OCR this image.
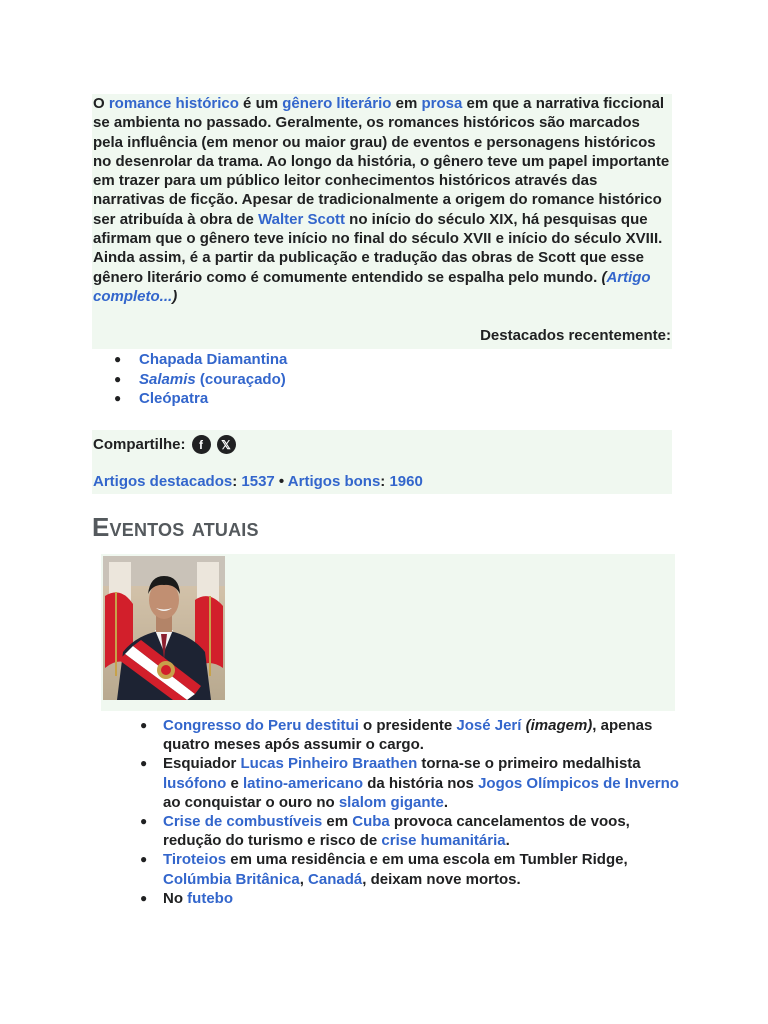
O romance histórico é um gênero literário em prosa em que a narrativa ficcional se ambienta no passado. Geralmente, os romances históricos são marcados pela influência (em menor ou maior grau) de eventos e personagens históricos no desenrolar da trama. Ao longo da história, o gênero teve um papel importante em trazer para um público leitor conhecimentos históricos através das narrativas de ficção. Apesar de tradicionalmente a origem do romance histórico ser atribuída à obra de Walter Scott no início do século XIX, há pesquisas que afirmam que o gênero teve início no final do século XVII e início do século XVIII. Ainda assim, é a partir da publicação e tradução das obras de Scott que esse gênero literário como é comumente entendido se espalha pelo mundo. (Artigo completo...)

Destacados recentemente:
● Chapada Diamantina
● Salamis (couraçado)
● Cleópatra
Compartilhe:	f	𝕏
Artigos destacados: 1537 • Artigos bons: 1960
Eventos atuais
● Congresso do Peru destitui o presidente José Jerí (imagem), apenas quatro meses após assumir o cargo.
● Esquiador Lucas Pinheiro Braathen torna-se o primeiro medalhista lusófono e latino-americano da história nos Jogos Olímpicos de Inverno ao conquistar o ouro no slalom gigante.
● Crise de combustíveis em Cuba provoca cancelamentos de voos, redução do turismo e risco de crise humanitária.
● Tiroteios em uma residência e em uma escola em Tumbler Ridge, Colúmbia Britânica, Canadá, deixam nove mortos.
● No futebo
